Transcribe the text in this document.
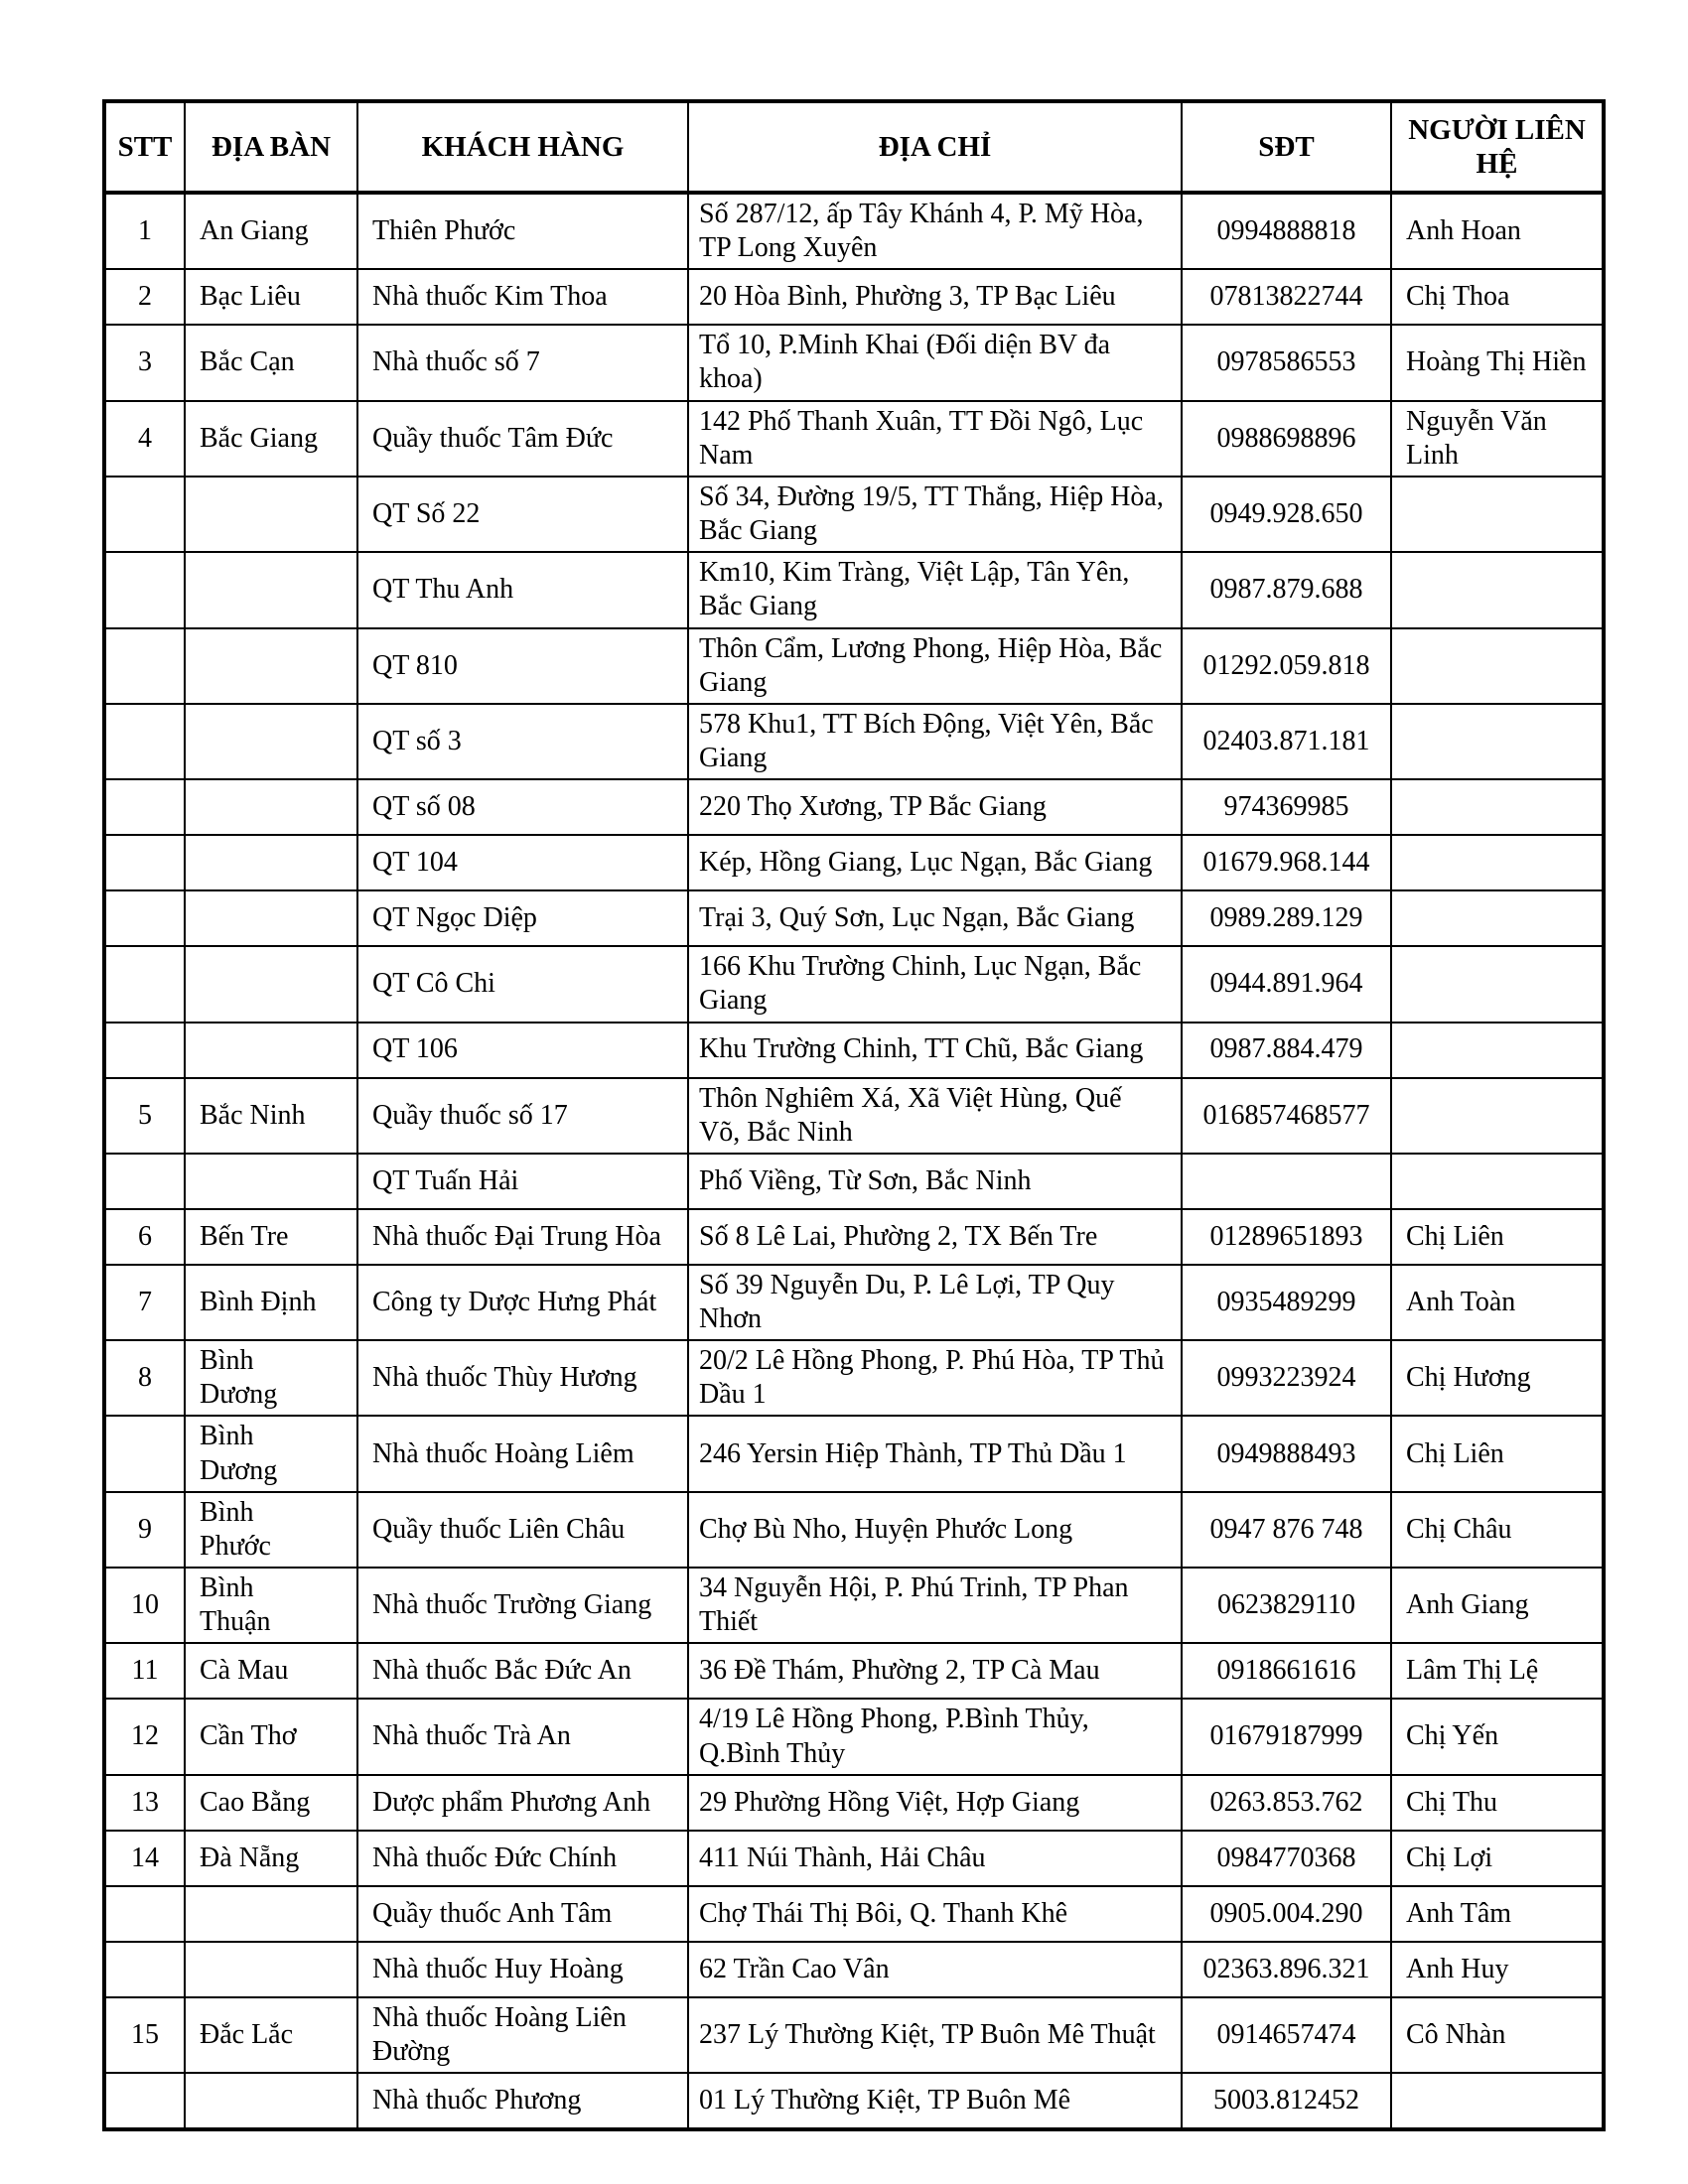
STT	ĐỊA BÀN	KHÁCH HÀNG	ĐỊA CHỈ	SĐT	NGƯỜI LIÊN HỆ
1	An Giang	Thiên Phước	Số 287/12, ấp Tây Khánh 4, P. Mỹ Hòa, TP Long Xuyên	0994888818	Anh Hoan
2	Bạc Liêu	Nhà thuốc Kim Thoa	20 Hòa Bình, Phường 3, TP Bạc Liêu	07813822744	Chị Thoa
3	Bắc Cạn	Nhà thuốc số 7	Tổ 10, P.Minh Khai (Đối diện BV đa khoa)	0978586553	Hoàng Thị Hiền
4	Bắc Giang	Quầy thuốc Tâm Đức	142 Phố Thanh Xuân, TT Đồi Ngô, Lục Nam	0988698896	Nguyễn Văn Linh
		QT Số 22	Số 34, Đường 19/5, TT Thắng, Hiệp Hòa, Bắc Giang	0949.928.650	
		QT Thu Anh	Km10, Kim Tràng, Việt Lập, Tân Yên, Bắc Giang	0987.879.688	
		QT 810	Thôn Cẩm, Lương Phong, Hiệp Hòa, Bắc Giang	01292.059.818	
		QT số 3	578 Khu1, TT Bích Động, Việt Yên, Bắc Giang	02403.871.181	
		QT số 08	220 Thọ Xương, TP Bắc Giang	974369985	
		QT 104	Kép, Hồng Giang, Lục Ngạn, Bắc Giang	01679.968.144	
		QT Ngọc Diệp	Trại 3, Quý Sơn, Lục Ngạn, Bắc Giang	0989.289.129	
		QT Cô Chi	166 Khu Trường Chinh, Lục Ngạn, Bắc Giang	0944.891.964	
		QT 106	Khu Trường Chinh, TT Chũ, Bắc Giang	0987.884.479	
5	Bắc Ninh	Quầy thuốc số 17	Thôn Nghiêm Xá, Xã Việt Hùng, Quế Võ, Bắc Ninh	016857468577	
		QT Tuấn Hải	Phố Viềng, Từ Sơn, Bắc Ninh		
6	Bến Tre	Nhà thuốc Đại Trung Hòa	Số 8 Lê Lai, Phường 2, TX Bến Tre	01289651893	Chị Liên
7	Bình Định	Công ty Dược Hưng Phát	Số 39 Nguyễn Du, P. Lê Lợi, TP Quy Nhơn	0935489299	Anh Toàn
8	Bình Dương	Nhà thuốc Thùy Hương	20/2 Lê Hồng Phong, P. Phú Hòa, TP Thủ Dầu 1	0993223924	Chị Hương
	Bình Dương	Nhà thuốc Hoàng Liêm	246 Yersin Hiệp Thành, TP Thủ Dầu 1	0949888493	Chị Liên
9	Bình Phước	Quầy thuốc Liên Châu	Chợ Bù Nho, Huyện Phước Long	0947 876 748	Chị Châu
10	Bình Thuận	Nhà thuốc Trường Giang	34 Nguyễn Hội, P. Phú Trinh, TP Phan Thiết	0623829110	Anh Giang
11	Cà Mau	Nhà thuốc Bắc Đức An	36 Đề Thám, Phường 2, TP Cà Mau	0918661616	Lâm Thị Lệ
12	Cần Thơ	Nhà thuốc Trà An	4/19 Lê Hồng Phong, P.Bình Thủy, Q.Bình Thủy	01679187999	Chị Yến
13	Cao Bằng	Dược phẩm Phương Anh	29 Phường Hồng Việt, Hợp Giang	0263.853.762	Chị Thu
14	Đà Nẵng	Nhà thuốc Đức Chính	411 Núi Thành, Hải Châu	0984770368	Chị Lợi
		Quầy thuốc Anh Tâm	Chợ Thái Thị Bôi, Q. Thanh Khê	0905.004.290	Anh Tâm
		Nhà thuốc Huy Hoàng	62 Trần Cao Vân	02363.896.321	Anh Huy
15	Đắc Lắc	Nhà thuốc Hoàng Liên Đường	237 Lý Thường Kiệt, TP Buôn Mê Thuật	0914657474	Cô Nhàn
		Nhà thuốc Phương	01 Lý Thường Kiệt, TP Buôn Mê	5003.812452	
